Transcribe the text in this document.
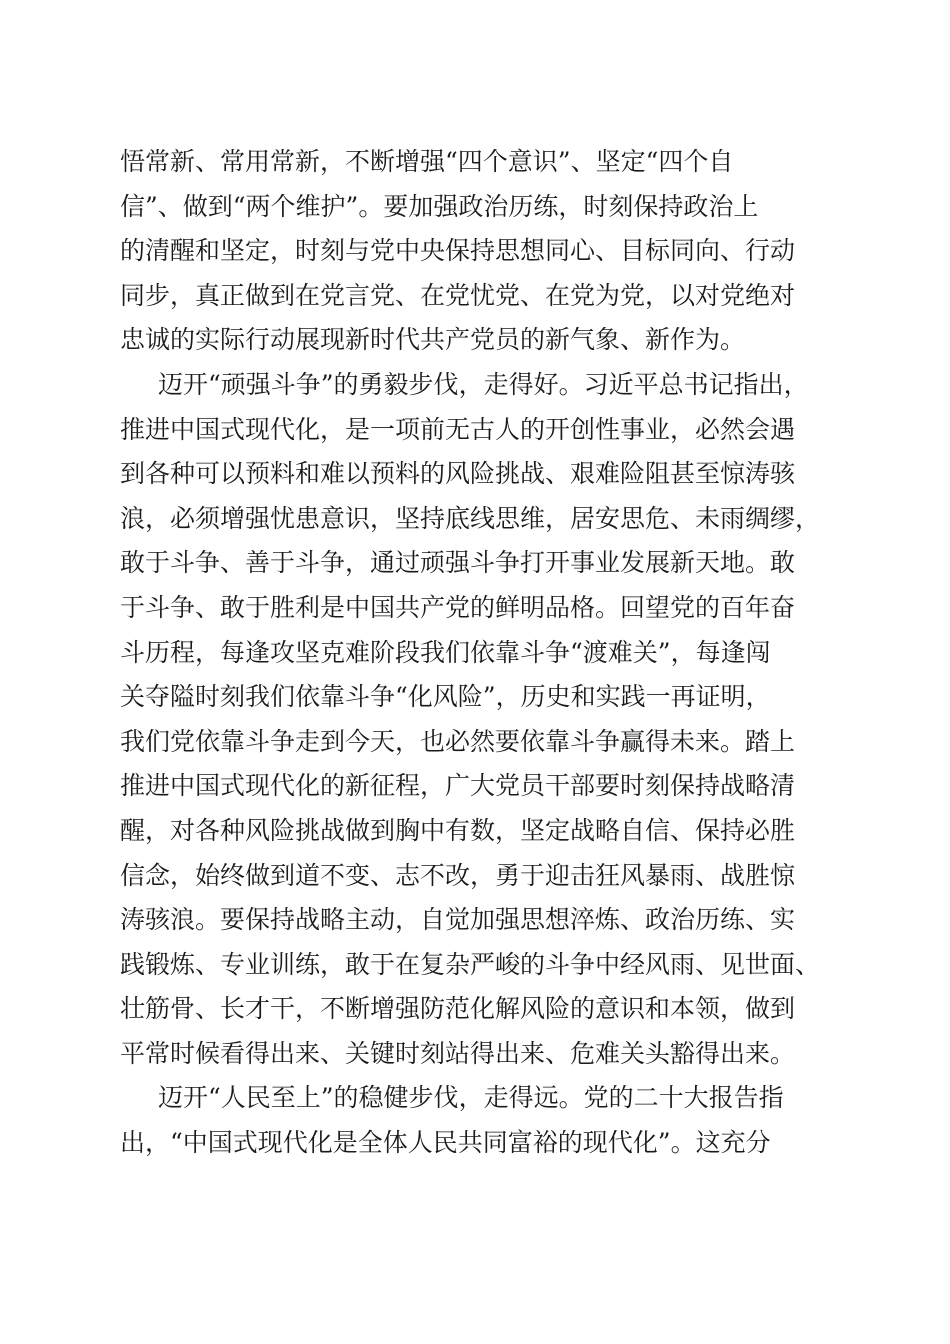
悟常新、常用常新，不断增强“四个意识”、坚定“四个自
信”、做到“两个维护”。要加强政治历练，时刻保持政治上
的清醒和坚定，时刻与党中央保持思想同心、目标同向、行动
同步，真正做到在党言党、在党忧党、在党为党，以对党绝对
忠诚的实际行动展现新时代共产党员的新气象、新作为。
迈开“顽强斗争”的勇毅步伐，走得好。习近平总书记指出，
推进中国式现代化，是一项前无古人的开创性事业，必然会遇
到各种可以预料和难以预料的风险挑战、艰难险阻甚至惊涛骇
浪，必须增强忧患意识，坚持底线思维，居安思危、未雨绸缪，
敢于斗争、善于斗争，通过顽强斗争打开事业发展新天地。敢
于斗争、敢于胜利是中国共产党的鲜明品格。回望党的百年奋
斗历程，每逢攻坚克难阶段我们依靠斗争“渡难关”，每逢闯
关夺隘时刻我们依靠斗争“化风险”，历史和实践一再证明，
我们党依靠斗争走到今天，也必然要依靠斗争赢得未来。踏上
推进中国式现代化的新征程，广大党员干部要时刻保持战略清
醒，对各种风险挑战做到胸中有数，坚定战略自信、保持必胜
信念，始终做到道不变、志不改，勇于迎击狂风暴雨、战胜惊
涛骇浪。要保持战略主动，自觉加强思想淬炼、政治历练、实
践锻炼、专业训练，敢于在复杂严峻的斗争中经风雨、见世面、
壮筋骨、长才干，不断增强防范化解风险的意识和本领，做到
平常时候看得出来、关键时刻站得出来、危难关头豁得出来。
迈开“人民至上”的稳健步伐，走得远。党的二十大报告指
出，“中国式现代化是全体人民共同富裕的现代化”。这充分
